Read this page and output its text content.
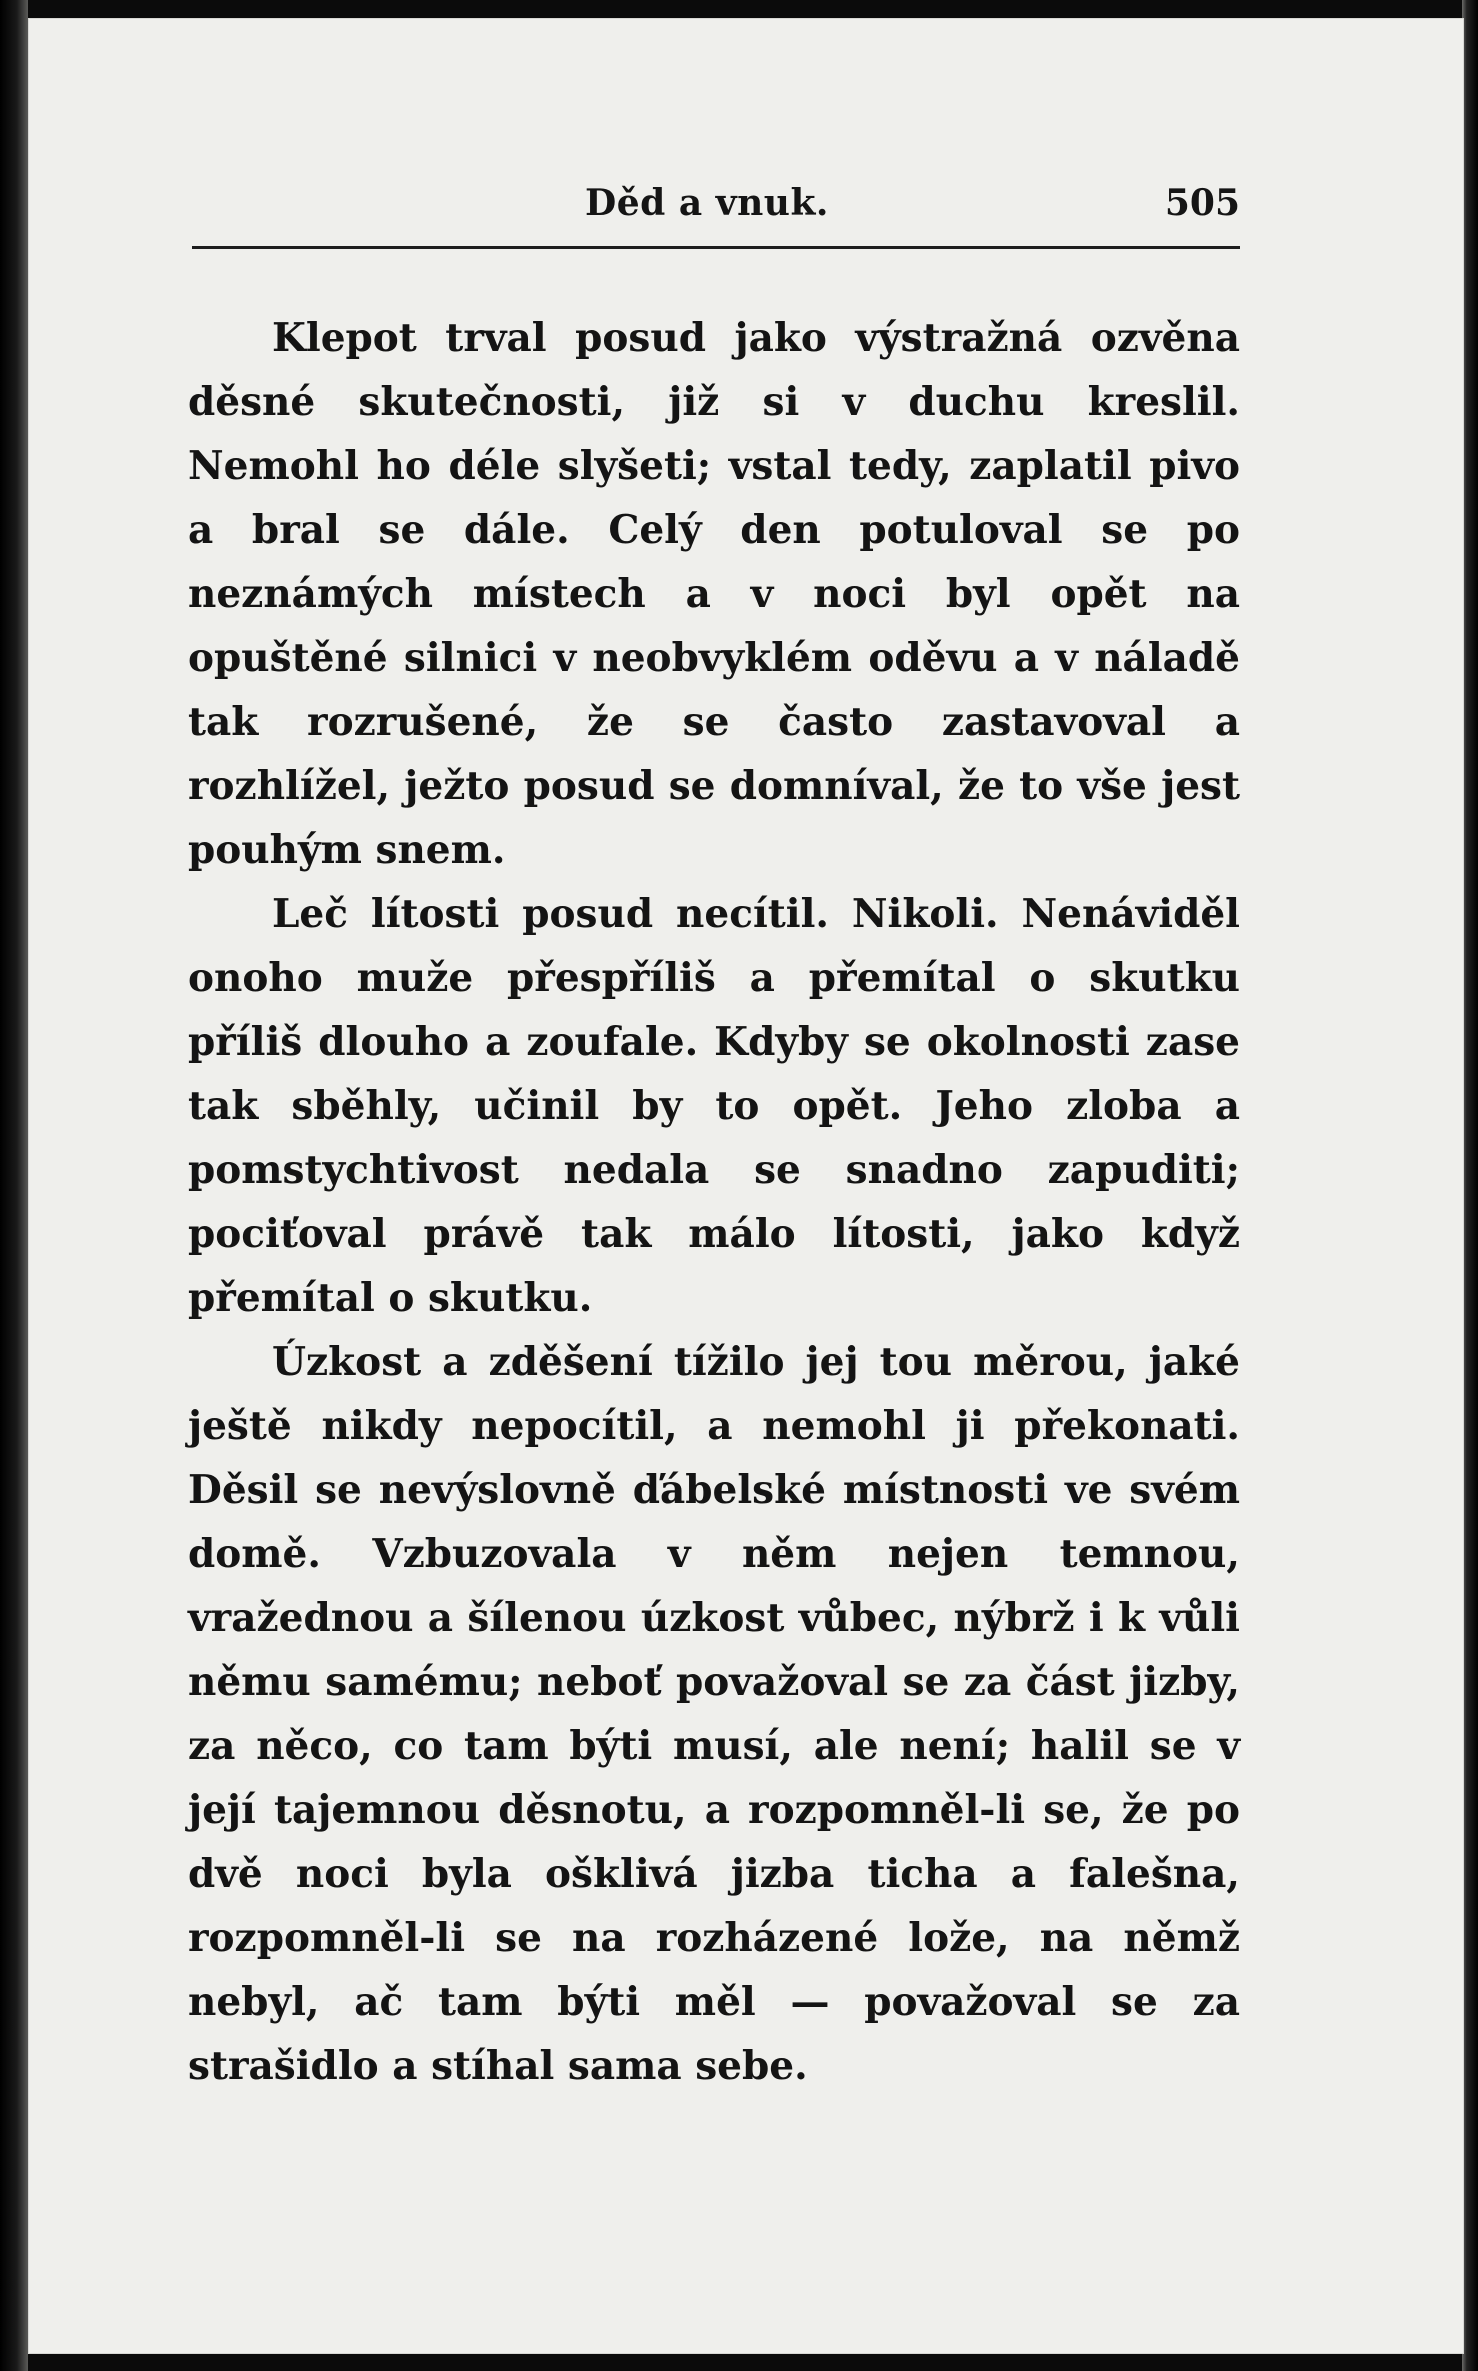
Děd a vnuk.	505

Klepot trval posud jako výstražná ozvěna děsné skutečnosti, již si v duchu kreslil. Nemohl ho déle slyšeti; vstal tedy, zaplatil pivo a bral se dále. Celý den potuloval se po neznámých místech a v noci byl opět na opuštěné silnici v neobvyklém oděvu a v náladě tak rozrušené, že se často zastavoval a rozhlížel, ježto posud se domníval, že to vše jest pouhým snem.

Leč lítosti posud necítil. Nikoli. Nenáviděl onoho muže přespříliš a přemítal o skutku příliš dlouho a zoufale. Kdyby se okolnosti zase tak sběhly, učinil by to opět. Jeho zloba a pomstychtivost nedala se snadno zapuditi; pociťoval právě tak málo lítosti, jako když přemítal o skutku.

Úzkost a zděšení tížilo jej tou měrou, jaké ještě nikdy nepocítil, a nemohl ji překonati. Děsil se nevýslovně ďábelské místnosti ve svém domě. Vzbuzovala v něm nejen temnou, vražednou a šílenou úzkost vůbec, nýbrž i k vůli němu samému; neboť považoval se za část jizby, za něco, co tam býti musí, ale není; halil se v její tajemnou děsnotu, a rozpomněl-li se, že po dvě noci byla ošklivá jizba ticha a falešna, rozpomněl-li se na rozházené lože, na němž nebyl, ač tam býti měl — považoval se za strašidlo a stíhal sama sebe.
